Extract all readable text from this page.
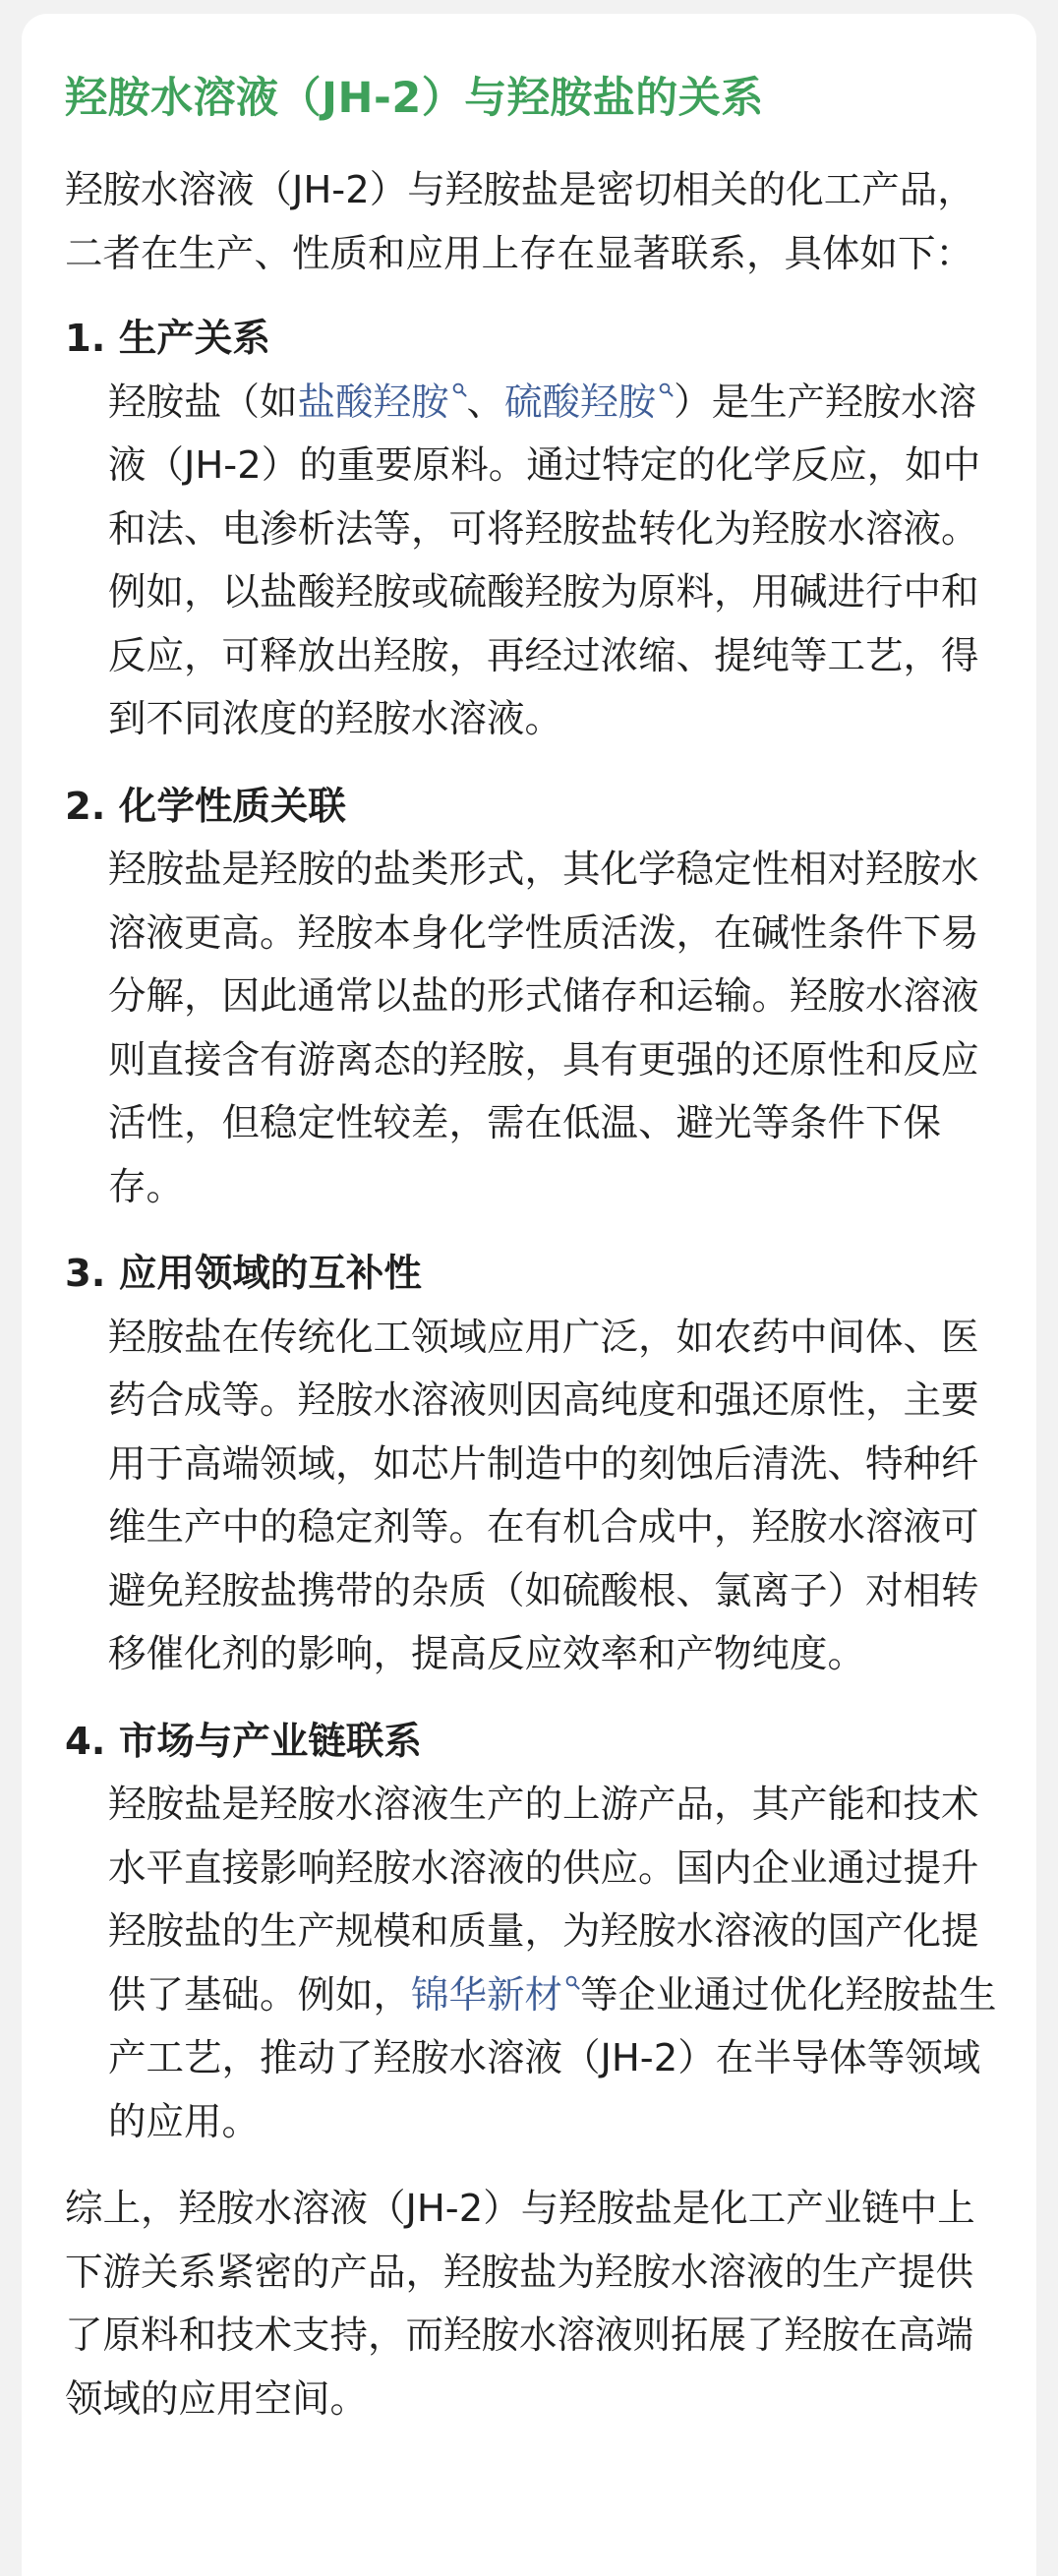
羟胺水溶液（JH-2）与羟胺盐的关系

羟胺水溶液（JH-2）与羟胺盐是密切相关的化工产品，二者在生产、性质和应用上存在显著联系，具体如下：

1. 生产关系

羟胺盐（如盐酸羟胺 、硫酸羟胺 ）是生产羟胺水溶液（JH-2）的重要原料。通过特定的化学反应，如中和法、电渗析法等，可将羟胺盐转化为羟胺水溶液。例如，以盐酸羟胺或硫酸羟胺为原料，用碱进行中和反应，可释放出羟胺，再经过浓缩、提纯等工艺，得到不同浓度的羟胺水溶液。

2. 化学性质关联

羟胺盐是羟胺的盐类形式，其化学稳定性相对羟胺水溶液更高。羟胺本身化学性质活泼，在碱性条件下易分解，因此通常以盐的形式储存和运输。羟胺水溶液则直接含有游离态的羟胺，具有更强的还原性和反应活性，但稳定性较差，需在低温、避光等条件下保存。

3. 应用领域的互补性

羟胺盐在传统化工领域应用广泛，如农药中间体、医药合成等。羟胺水溶液则因高纯度和强还原性，主要用于高端领域，如芯片制造中的刻蚀后清洗、特种纤维生产中的稳定剂等。在有机合成中，羟胺水溶液可避免羟胺盐携带的杂质（如硫酸根、氯离子）对相转移催化剂的影响，提高反应效率和产物纯度。

4. 市场与产业链联系

羟胺盐是羟胺水溶液生产的上游产品，其产能和技术水平直接影响羟胺水溶液的供应。国内企业通过提升羟胺盐的生产规模和质量，为羟胺水溶液的国产化提供了基础。例如，锦华新材 等企业通过优化羟胺盐生产工艺，推动了羟胺水溶液（JH-2）在半导体等领域的应用。

综上，羟胺水溶液（JH-2）与羟胺盐是化工产业链中上下游关系紧密的产品，羟胺盐为羟胺水溶液的生产提供了原料和技术支持，而羟胺水溶液则拓展了羟胺在高端领域的应用空间。
